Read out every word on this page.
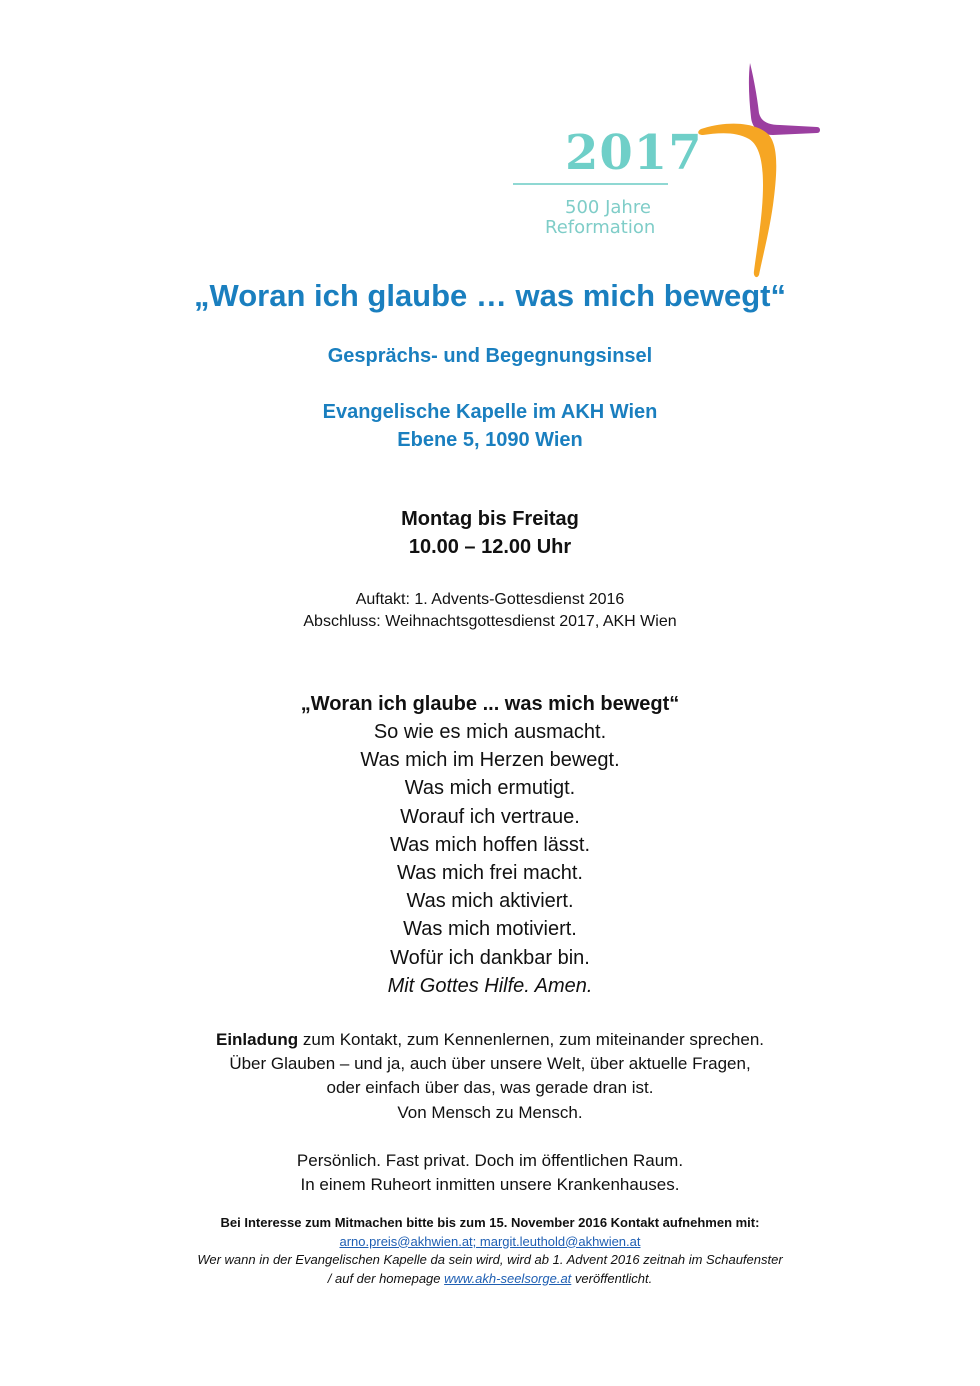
2017
500 Jahre
Reformation
„Woran ich glaube … was mich bewegt“
Gesprächs- und Begegnungsinsel
Evangelische Kapelle im AKH Wien
Ebene 5, 1090 Wien
Montag bis Freitag
10.00 – 12.00 Uhr
Auftakt: 1. Advents-Gottesdienst 2016
Abschluss: Weihnachtsgottesdienst 2017, AKH Wien
„Woran ich glaube ... was mich bewegt“
So wie es mich ausmacht.
Was mich im Herzen bewegt.
Was mich ermutigt.
Worauf ich vertraue.
Was mich hoffen lässt.
Was mich frei macht.
Was mich aktiviert.
Was mich motiviert.
Wofür ich dankbar bin.
Mit Gottes Hilfe. Amen.
Einladung zum Kontakt, zum Kennenlernen, zum miteinander sprechen.
Über Glauben – und ja, auch über unsere Welt, über aktuelle Fragen,
oder einfach über das, was gerade dran ist.
Von Mensch zu Mensch.
Persönlich. Fast privat. Doch im öffentlichen Raum.
In einem Ruheort inmitten unsere Krankenhauses.
Bei Interesse zum Mitmachen bitte bis zum 15. November 2016 Kontakt aufnehmen mit:
arno.preis@akhwien.at; margit.leuthold@akhwien.at
Wer wann in der Evangelischen Kapelle da sein wird, wird ab 1. Advent 2016 zeitnah im Schaufenster
/ auf der homepage www.akh-seelsorge.at veröffentlicht.
